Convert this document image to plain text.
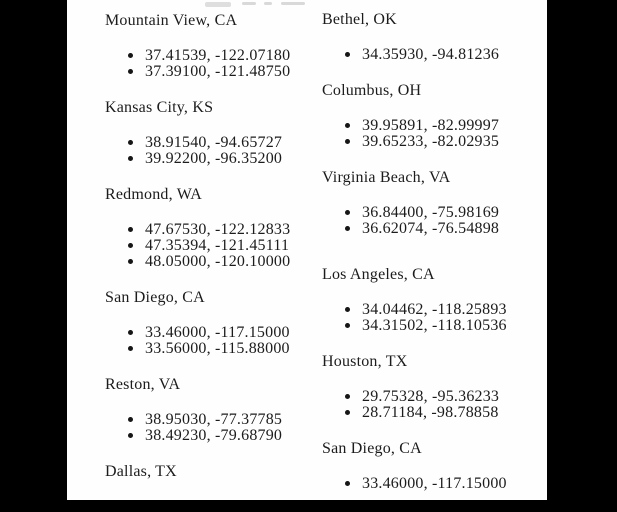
Mountain View, CA
37.41539, -122.07180
37.39100, -121.48750
Kansas City, KS
38.91540, -94.65727
39.92200, -96.35200
Redmond, WA
47.67530, -122.12833
47.35394, -121.45111
48.05000, -120.10000
San Diego, CA
33.46000, -117.15000
33.56000, -115.88000
Reston, VA
38.95030, -77.37785
38.49230, -79.68790
Dallas, TX
Bethel, OK
34.35930, -94.81236
Columbus, OH
39.95891, -82.99997
39.65233, -82.02935
Virginia Beach, VA
36.84400, -75.98169
36.62074, -76.54898
Los Angeles, CA
34.04462, -118.25893
34.31502, -118.10536
Houston, TX
29.75328, -95.36233
28.71184, -98.78858
San Diego, CA
33.46000, -117.15000
